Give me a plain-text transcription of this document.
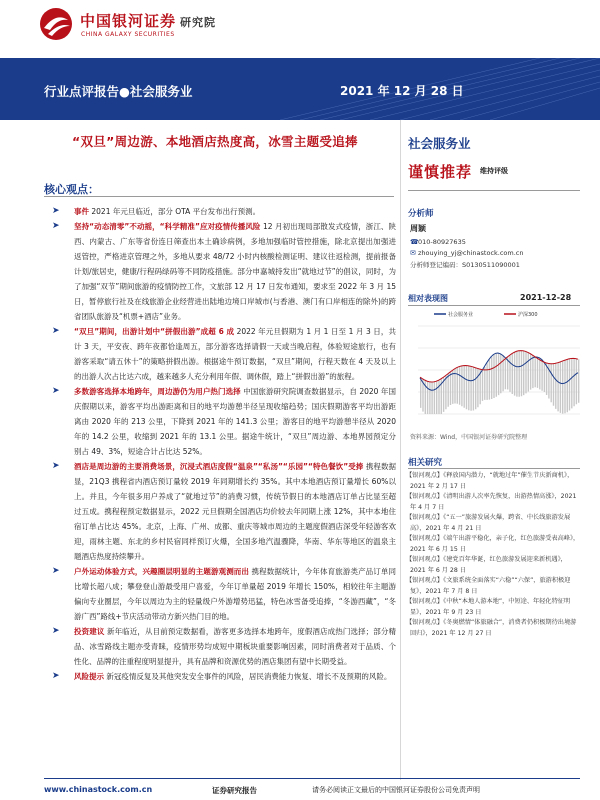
中国银河证券 研究院
CHINA GALAXY SECURITIES
行业点评报告●社会服务业	2021 年 12 月 28 日
“双旦”周边游、本地酒店热度高，冰雪主题受追捧
核心观点：
➤ 事件 2021 年元旦临近，部分 OTA 平台发布出行预测。
➤ 坚持“动态清零”不动摇，“科学精准”应对疫情传播风险 12 月初出现局部散发式疫情，浙江、陕西、内蒙古、广东等省份连日筛查出本土确诊病例，多地加强临时管控措施，除北京提出加强进返管控，严格进京管理之外，多地从要求 48/72 小时内核酸检测证明、建议往返检测，提前报备计划/旅居史，健康/行程码绿码等不同防疫措施。部分申嘉城持发出“就地过节”的倡议，同时，为了加强“双节”期间旅游的疫情防控工作，文旅部 12 月 17 日发布通知，要求至 2022 年 3 月 15 日，暂停旅行社及在线旅游企业经营进出陆地边境口岸城市(与香港、澳门有口岸相连的除外)的跨省团队旅游及“机票+酒店”业务。
➤ “双旦”期间，出游计划中“拼假出游”成超 6 成 2022 年元旦假期为 1 月 1 日至 1 月 3 日，共计 3 天，平安夜、跨年夜都恰逢周五，部分游客选择请假一天或当晚启程，体验短途旅行，也有游客采取“请五休十”的策略拼假出游。根据途牛预订数据，“双旦”期间，行程天数在 4 天及以上的出游人次占比达六成，越来越多人充分利用年假、调休假，踏上“拼假出游”的旅程。
➤ 多数游客选择本地跨年，周边游仍为用户热门选择 中国旅游研究院调查数据显示，自 2020 年国庆假期以来，游客平均出游距离和目的地平均游憩半径呈现收缩趋势；国庆假期游客平均出游距离由 2020 年的 213 公里，下降到 2021 年的 141.3 公里；游客目的地平均游憩半径从 2020 年的 14.2 公里，收缩到 2021 年的 13.1 公里。据途牛统计，“双旦”周边游、本地界园预定分别占 49、3%，短途合计占比达 52%。
➤ 酒店是周边游的主要消费场景，沉浸式酒店度假“温泉”“私汤”“乐园”“特色餐饮”受捧 携程数据显，21Q3 携程省内酒店预订量较 2019 年同期增长约 35%。其中本地酒店预订量增长 60%以上。并且，今年很多用户养成了“就地过节”的消费习惯，传统节假日的本地酒店订单占比显至超过五成。携程程预定数据显示，2022 元旦假期全国酒店均价较去年同期上涨 12%，其中本地住宿订单占比达 45%。北京，上海、广州、成都、重庆等城市周边的主题度假酒店深受年轻游客欢迎，雨林主题、东北的乡村民宿同样预订火爆，全国多地汽温骤降，华南、华东等地区的温泉主题酒店热度持续攀升。
➤ 户外运动体验方式，兴趣圈层明显的主题游观测而出 携程数据统计，今年体育旅游类产品订单同比增长超八成；攀登登山游最受用户喜爱，今年订单量超 2019 年增长 150%，相较往年主题游偏向专业圈层，今年以周边为主的轻量级户外游增势迅猛，特色冰雪备受追捧，“冬游西藏”，“冬游广西”路线+节庆活动带动方新兴热门目的地。
➤ 投资建议 新年临近，从目前预定数据看，游客更多选择本地跨年，度假酒店成热门选择；部分精品、冰雪路线主题亦受青睐，疫情形势均成短中期板块重要影响因素，同时消费者对于品质、个性化、品牌的注重程度明显提升，具有品牌和资源优势的酒店集团有望中长期受益。
➤ 风险提示 新冠疫情反复及其他突发安全事件的风险，居民消费能力恢复、增长不及预期的风险。
社会服务业
谨慎推荐 维持评级
分析师
周颖
☎010-80927635
✉ zhouying_yj@chinastock.com.cn
分析师登记编码：S0130511090001
相对表现图	2021-12-28
社会服务业	沪深300
资料来源：Wind，中国银河证券研究院整理
相关研究
【银河观点】《释放国内潜力，“就地过年”催生节庆新商机》，2021 年 2 月 17 日
【银河观点】《清明出游人次率先恢复，出游热情高涨》，2021 年 4 月 7 日
【银河观点】《“五一”旅游发展火爆，跨省、中长线旅游发展高》，2021 年 4 月 21 日
【银河观点】《端午出游平稳化，亲子化，红色旅游受表高峰》，2021 年 6 月 15 日
【银河观点】《建党百年华诞，红色旅游发展迎来新机遇》，2021 年 6 月 28 日
【银河观点】《文旅系统全面落实“六稳”“六保”，旅游积极迎复》，2021 年 7 月 8 日
【银河观点】《中秋“本地人游本地”，中短途、年轻化特征明显》，2021 年 9 月 23 日
【银河观点】《冬奥燃情“体旅融合”，消费者仍积极期待出境游回归》，2021 年 12 月 27 日
www.chinastock.com.cn	证券研究报告	请务必阅读正文最后的中国银河证券股份公司免责声明
